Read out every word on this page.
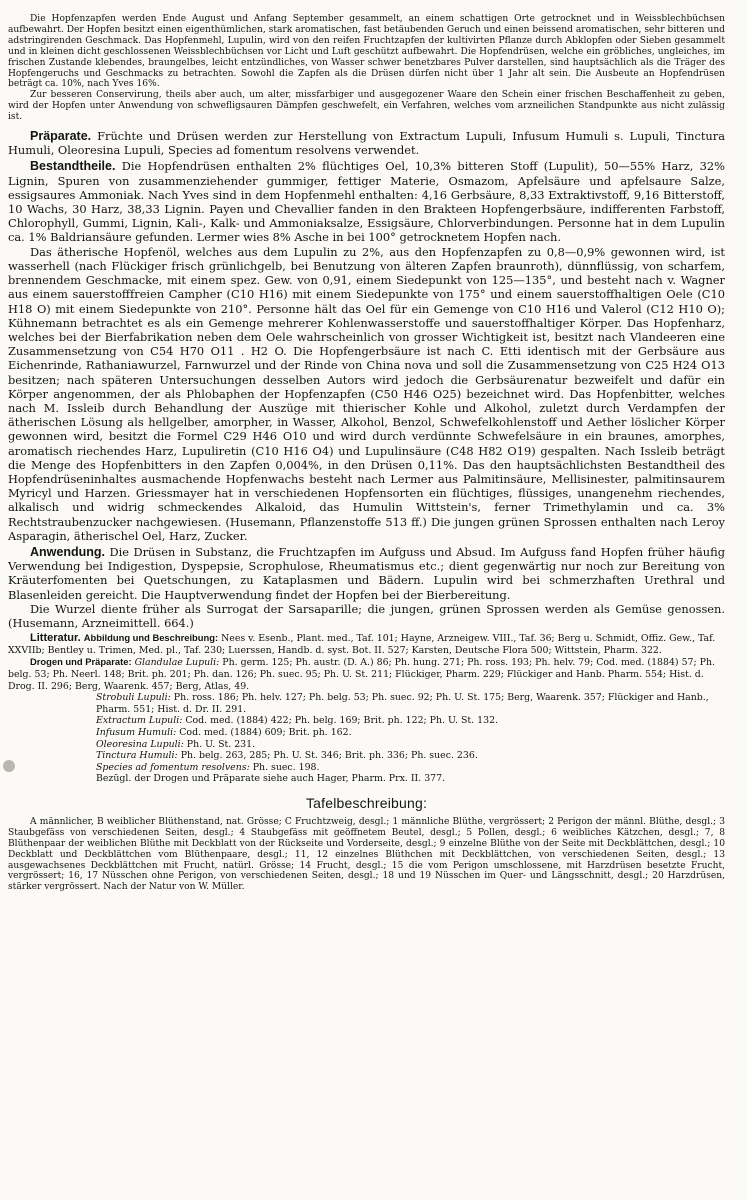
Die Hopfenzapfen werden Ende August und Anfang September gesammelt, an einem schattigen Orte getrocknet und in Weissblechbüchsen aufbewahrt. Der Hopfen besitzt einen eigenthümlichen, stark aromatischen, fast betäubenden Geruch und einen beissend aromatischen, sehr bitteren und adstringirenden Geschmack. Das Hopfenmehl, Lupulin, wird von den reifen Fruchtzapfen der kultivirten Pflanze durch Abklopfen oder Sieben gesammelt und in kleinen dicht geschlossenen Weissblechbüchsen vor Licht und Luft geschützt aufbewahrt. Die Hopfendrüsen, welche ein gröbliches, ungleiches, im frischen Zustande klebendes, braungelbes, leicht entzündliches, von Wasser schwer benetzbares Pulver darstellen, sind hauptsächlich als die Träger des Hopfengeruchs und Geschmacks zu betrachten. Sowohl die Zapfen als die Drüsen dürfen nicht über 1 Jahr alt sein. Die Ausbeute an Hopfendrüsen beträgt ca. 10%, nach Yves 16%.

Zur besseren Conservirung, theils aber auch, um alter, missfarbiger und ausgegozener Waare den Schein einer frischen Beschaffenheit zu geben, wird der Hopfen unter Anwendung von schwefligsauren Dämpfen geschwefelt, ein Verfahren, welches vom arzneilichen Standpunkte aus nicht zulässig ist.

Präparate. Früchte und Drüsen werden zur Herstellung von Extractum Lupuli, Infusum Humuli s. Lupuli, Tinctura Humuli, Oleoresina Lupuli, Species ad fomentum resolvens verwendet.

Bestandtheile. Die Hopfendrüsen enthalten 2% flüchtiges Oel, 10,3% bitteren Stoff (Lupulit), 50—55% Harz, 32% Lignin, Spuren von zusammenziehender gummiger, fettiger Materie, Osmazom, Apfelsäure und apfelsaure Salze, essigsaures Ammoniak. Nach Yves sind in dem Hopfenmehl enthalten: 4,16 Gerbsäure, 8,33 Extraktivstoff, 9,16 Bitterstoff, 10 Wachs, 30 Harz, 38,33 Lignin. Payen und Chevallier fanden in den Brakteen Hopfengerbsäure, indifferenten Farbstoff, Chlorophyll, Gummi, Lignin, Kali-, Kalk- und Ammoniaksalze, Essigsäure, Chlorverbindungen. Personne hat in dem Lupulin ca. 1% Baldriansäure gefunden. Lermer wies 8% Asche in bei 100° getrocknetem Hopfen nach.

Das ätherische Hopfenöl, welches aus dem Lupulin zu 2%, aus den Hopfenzapfen zu 0,8—0,9% gewonnen wird, ist wasserhell (nach Flückiger frisch grünlichgelb, bei Benutzung von älteren Zapfen braunroth), dünnflüssig, von scharfem, brennendem Geschmacke, mit einem spez. Gew. von 0,91, einem Siedepunkt von 125—135°, und besteht nach v. Wagner aus einem sauerstofffreien Campher (C10 H16) mit einem Siedepunkte von 175° und einem sauerstoffhaltigen Oele (C10 H18 O) mit einem Siedepunkte von 210°. Personne hält das Oel für ein Gemenge von C10 H16 und Valerol (C12 H10 O); Kühnemann betrachtet es als ein Gemenge mehrerer Kohlenwasserstoffe und sauerstoffhaltiger Körper. Das Hopfenharz, welches bei der Bierfabrikation neben dem Oele wahrscheinlich von grosser Wichtigkeit ist, besitzt nach Vlandeeren eine Zusammensetzung von C54 H70 O11 . H2 O. Die Hopfengerbsäure ist nach C. Etti identisch mit der Gerbsäure aus Eichenrinde, Rathaniawurzel, Farnwurzel und der Rinde von China nova und soll die Zusammensetzung von C25 H24 O13 besitzen; nach späteren Untersuchungen desselben Autors wird jedoch die Gerbsäurenatur bezweifelt und dafür ein Körper angenommen, der als Phlobaphen der Hopfenzapfen (C50 H46 O25) bezeichnet wird. Das Hopfenbitter, welches nach M. Issleib durch Behandlung der Auszüge mit thierischer Kohle und Alkohol, zuletzt durch Verdampfen der ätherischen Lösung als hellgelber, amorpher, in Wasser, Alkohol, Benzol, Schwefelkohlenstoff und Aether löslicher Körper gewonnen wird, besitzt die Formel C29 H46 O10 und wird durch verdünnte Schwefelsäure in ein braunes, amorphes, aromatisch riechendes Harz, Lupuliretin (C10 H16 O4) und Lupulinsäure (C48 H82 O19) gespalten. Nach Issleib beträgt die Menge des Hopfenbitters in den Zapfen 0,004%, in den Drüsen 0,11%. Das den hauptsächlichsten Bestandtheil des Hopfendrüseninhaltes ausmachende Hopfenwachs besteht nach Lermer aus Palmitinsäure, Mellisinester, palmitinsaurem Myricyl und Harzen. Griessmayer hat in verschiedenen Hopfensorten ein flüchtiges, flüssiges, unangenehm riechendes, alkalisch und widrig schmeckendes Alkaloid, das Humulin Wittstein's, ferner Trimethylamin und ca. 3% Rechtstraubenzucker nachgewiesen. (Husemann, Pflanzenstoffe 513 ff.) Die jungen grünen Sprossen enthalten nach Leroy Asparagin, ätherischel Oel, Harz, Zucker.

Anwendung. Die Drüsen in Substanz, die Fruchtzapfen im Aufguss und Absud. Im Aufguss fand Hopfen früher häufig Verwendung bei Indigestion, Dyspepsie, Scrophulose, Rheumatismus etc.; dient gegenwärtig nur noch zur Bereitung von Kräuterfomenten bei Quetschungen, zu Kataplasmen und Bädern. Lupulin wird bei schmerzhaften Urethral und Blasenleiden gereicht. Die Hauptverwendung findet der Hopfen bei der Bierbereitung.

Die Wurzel diente früher als Surrogat der Sarsaparille; die jungen, grünen Sprossen werden als Gemüse genossen. (Husemann, Arzneimittell. 664.)

Litteratur. Abbildung und Beschreibung: Nees v. Esenb., Plant. med., Taf. 101; Hayne, Arzneigew. VIII., Taf. 36; Berg u. Schmidt, Offiz. Gew., Taf. XXVIIb; Bentley u. Trimen, Med. pl., Taf. 230; Luerssen, Handb. d. syst. Bot. II. 527; Karsten, Deutsche Flora 500; Wittstein, Pharm. 322.

Drogen und Präparate: Glandulae Lupuli: Ph. germ. 125; Ph. austr. (D. A.) 86; Ph. hung. 271; Ph. ross. 193; Ph. helv. 79; Cod. med. (1884) 57; Ph. belg. 53; Ph. Neerl. 148; Brit. ph. 201; Ph. dan. 126; Ph. suec. 95; Ph. U. St. 211; Flückiger, Pharm. 229; Flückiger and Hanb. Pharm. 554; Hist. d. Drog. II. 296; Berg, Waarenk. 457; Berg, Atlas, 49.

Strobuli Lupuli: Ph. ross. 186; Ph. helv. 127; Ph. belg. 53; Ph. suec. 92; Ph. U. St. 175; Berg, Waarenk. 357; Flückiger and Hanb., Pharm. 551; Hist. d. Dr. II. 291.

Extractum Lupuli: Cod. med. (1884) 422; Ph. belg. 169; Brit. ph. 122; Ph. U. St. 132.

Infusum Humuli: Cod. med. (1884) 609; Brit. ph. 162.

Oleoresina Lupuli: Ph. U. St. 231.

Tinctura Humuli: Ph. belg. 263, 285; Ph. U. St. 346; Brit. ph. 336; Ph. suec. 236.

Species ad fomentum resolvens: Ph. suec. 198.

Bezügl. der Drogen und Präparate siehe auch Hager, Pharm. Prx. II. 377.

Tafelbeschreibung:

A männlicher, B weiblicher Blüthenstand, nat. Grösse; C Fruchtzweig, desgl.; 1 männliche Blüthe, vergrössert; 2 Perigon der männl. Blüthe, desgl.; 3 Staubgefäss von verschiedenen Seiten, desgl.; 4 Staubgefäss mit geöffnetem Beutel, desgl.; 5 Pollen, desgl.; 6 weibliches Kätzchen, desgl.; 7, 8 Blüthenpaar der weiblichen Blüthe mit Deckblatt von der Rückseite und Vorderseite, desgl.; 9 einzelne Blüthe von der Seite mit Deckblättchen, desgl.; 10 Deckblatt und Deckblättchen vom Blüthenpaare, desgl.; 11, 12 einzelnes Blüthchen mit Deckblättchen, von verschiedenen Seiten, desgl.; 13 ausgewachsenes Deckblättchen mit Frucht, natürl. Grösse; 14 Frucht, desgl.; 15 die vom Perigon umschlossene, mit Harzdrüsen besetzte Frucht, vergrössert; 16, 17 Nüsschen ohne Perigon, von verschiedenen Seiten, desgl.; 18 und 19 Nüsschen im Quer- und Längsschnitt, desgl.; 20 Harzdrüsen, stärker vergrössert. Nach der Natur von W. Müller.
